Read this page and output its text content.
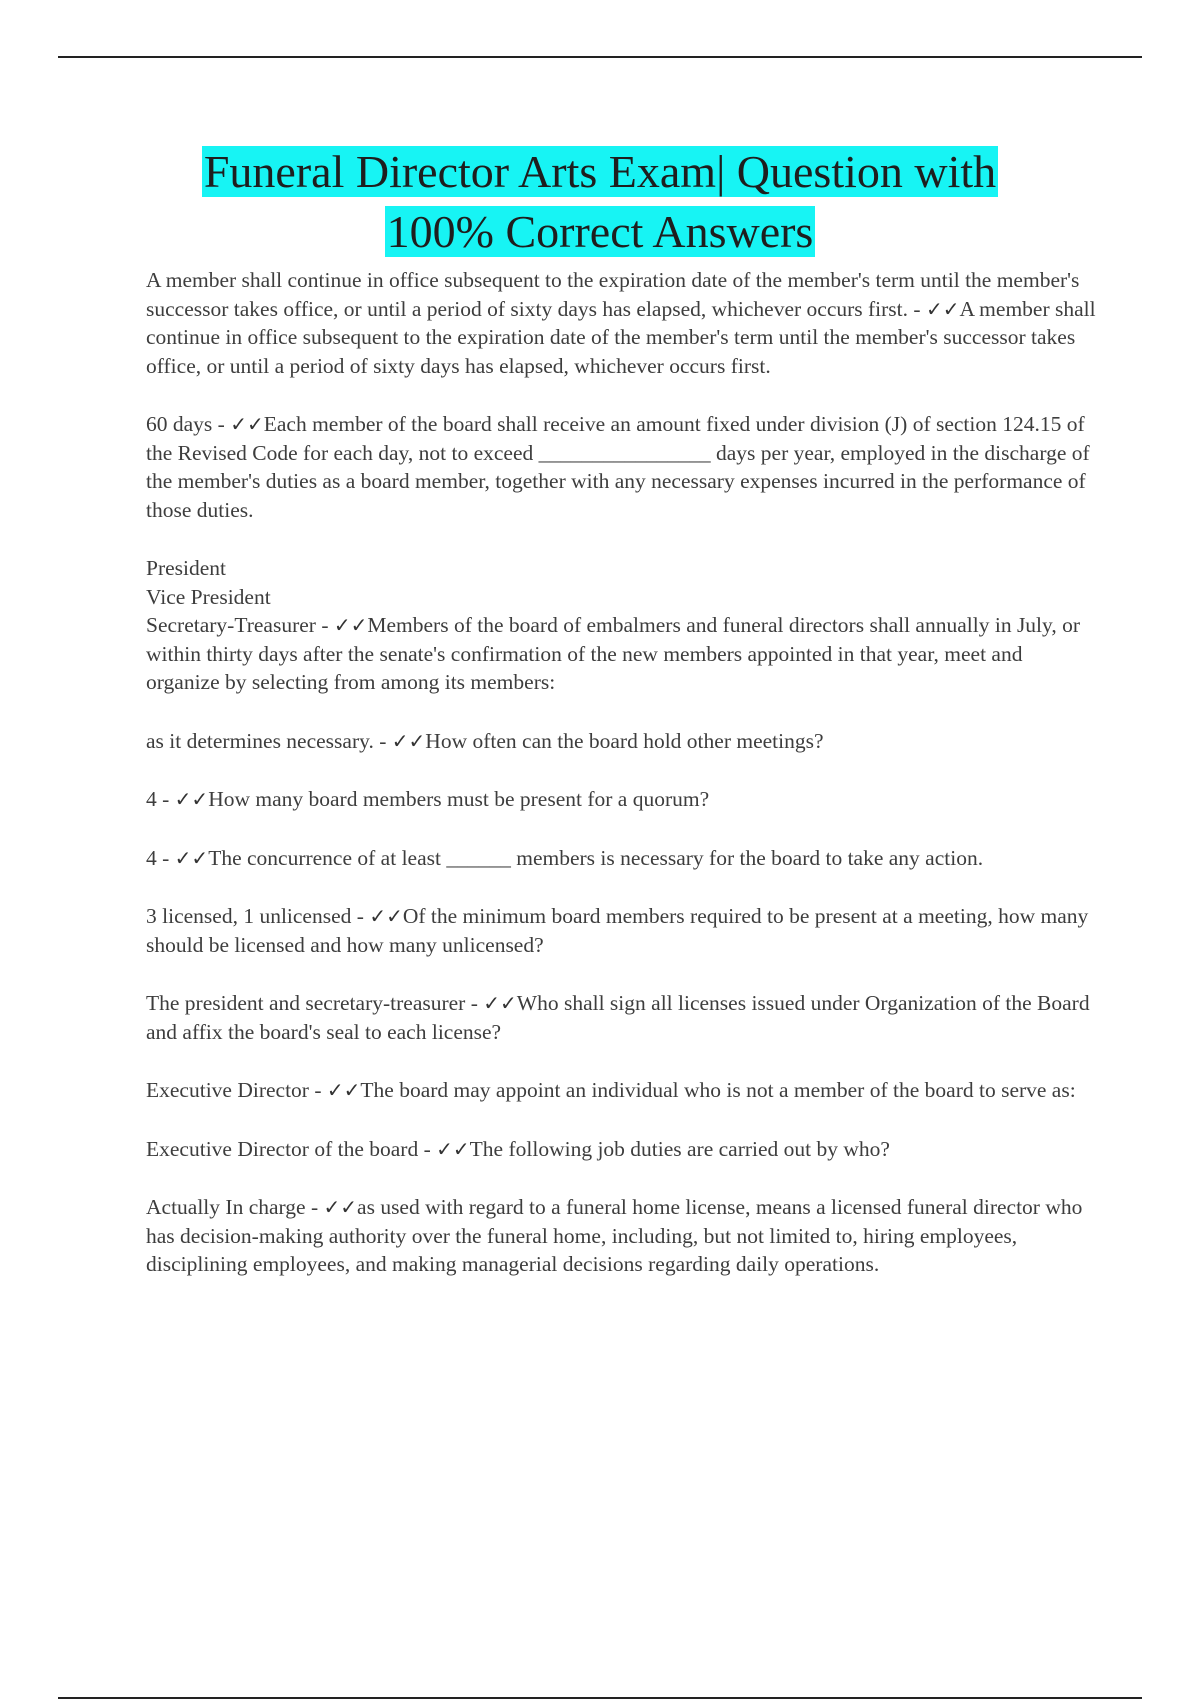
Funeral Director Arts Exam| Question with
100% Correct Answers
A member shall continue in office subsequent to the expiration date of the member's term until the member's successor takes office, or until a period of sixty days has elapsed, whichever occurs first. - ✓✓A member shall continue in office subsequent to the expiration date of the member's term until the member's successor takes office, or until a period of sixty days has elapsed, whichever occurs first.
60 days - ✓✓Each member of the board shall receive an amount fixed under division (J) of section 124.15 of the Revised Code for each day, not to exceed ________________ days per year, employed in the discharge of the member's duties as a board member, together with any necessary expenses incurred in the performance of those duties.
President
Vice President
Secretary-Treasurer - ✓✓Members of the board of embalmers and funeral directors shall annually in July, or within thirty days after the senate's confirmation of the new members appointed in that year, meet and organize by selecting from among its members:
as it determines necessary. - ✓✓How often can the board hold other meetings?
4 - ✓✓How many board members must be present for a quorum?
4 - ✓✓The concurrence of at least ______ members is necessary for the board to take any action.
3 licensed, 1 unlicensed - ✓✓Of the minimum board members required to be present at a meeting, how many should be licensed and how many unlicensed?
The president and secretary-treasurer - ✓✓Who shall sign all licenses issued under Organization of the Board and affix the board's seal to each license?
Executive Director - ✓✓The board may appoint an individual who is not a member of the board to serve as:
Executive Director of the board - ✓✓The following job duties are carried out by who?
Actually In charge - ✓✓as used with regard to a funeral home license, means a licensed funeral director who has decision-making authority over the funeral home, including, but not limited to, hiring employees, disciplining employees, and making managerial decisions regarding daily operations.
